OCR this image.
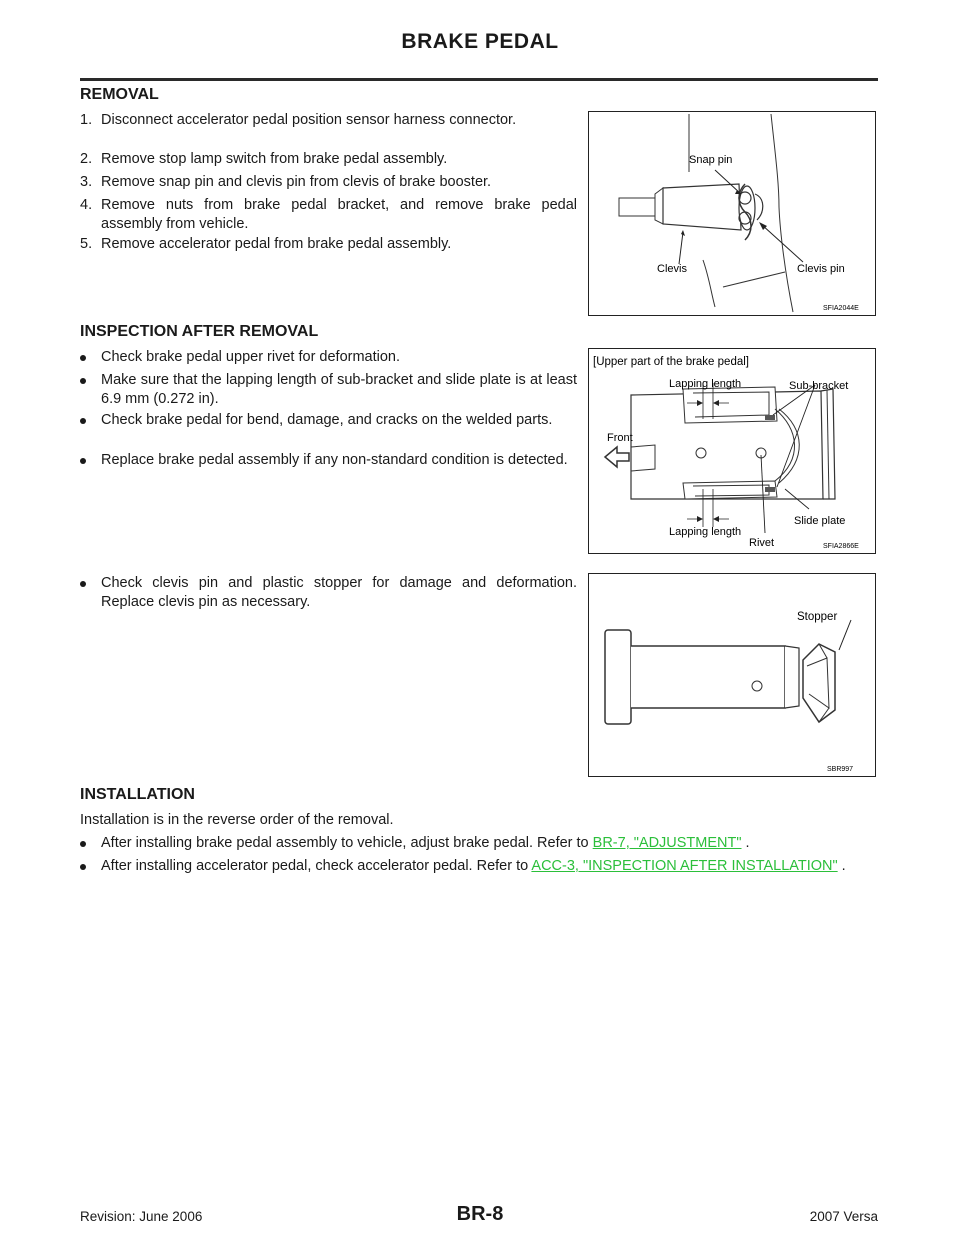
BRAKE PEDAL
REMOVAL
1. Disconnect accelerator pedal position sensor harness connector.
2. Remove stop lamp switch from brake pedal assembly.
3. Remove snap pin and clevis pin from clevis of brake booster.
4. Remove nuts from brake pedal bracket, and remove brake pedal assembly from vehicle.
5. Remove accelerator pedal from brake pedal assembly.
Snap pin
Clevis	Clevis pin
SFIA2044E
INSPECTION AFTER REMOVAL
Check brake pedal upper rivet for deformation.
Make sure that the lapping length of sub-bracket and slide plate is at least 6.9 mm (0.272 in).
Check brake pedal for bend, damage, and cracks on the welded parts.
Replace brake pedal assembly if any non-standard condition is detected.
[Upper part of the brake pedal]
Lapping length	Sub-bracket
Front
Lapping length
Rivet
Slide plate
SFIA2866E
Check clevis pin and plastic stopper for damage and deformation. Replace clevis pin as necessary.
Stopper
SBR997
INSTALLATION
Installation is in the reverse order of the removal.
After installing brake pedal assembly to vehicle, adjust brake pedal. Refer to BR-7, "ADJUSTMENT" .
After installing accelerator pedal, check accelerator pedal. Refer to ACC-3, "INSPECTION AFTER INSTALLATION" .
Revision: June 2006	BR-8	2007 Versa
